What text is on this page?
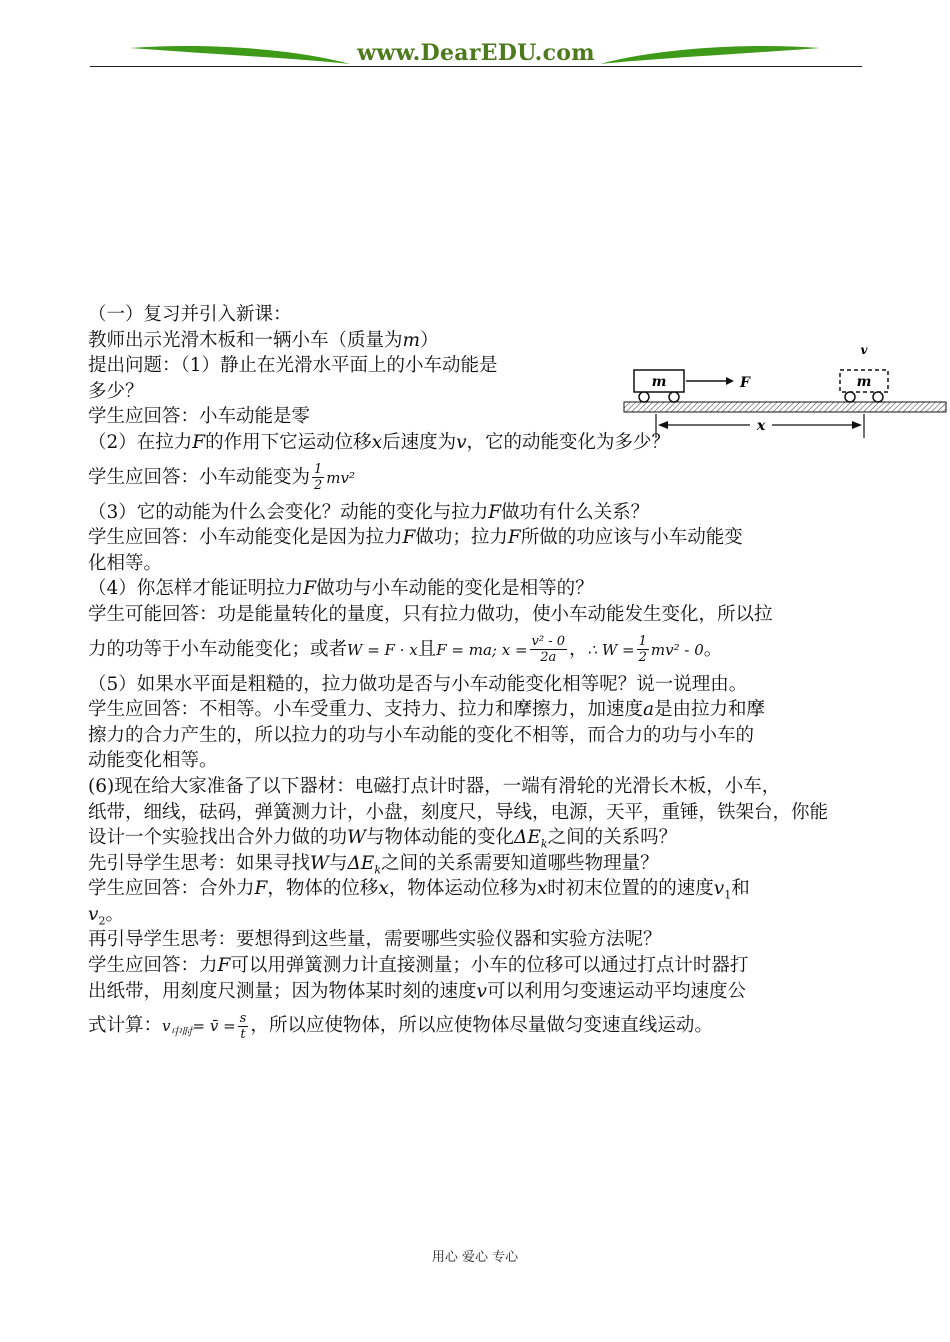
www.DearEDU.com
m	F	m
v
x
（一）复习并引入新课：
教师出示光滑木板和一辆小车（质量为m）
提出问题：（1）静止在光滑水平面上的小车动能是
多少？
学生应回答：小车动能是零
（2）在拉力F的作用下它运动位移x后速度为v，它的动能变化为多少？
学生应回答：小车动能变为 $\frac{1}{2} mv^2$
（3）它的动能为什么会变化？动能的变化与拉力F做功有什么关系？
学生应回答：小车动能变化是因为拉力F做功；拉力F所做的功应该与小车动能变
化相等。
（4）你怎样才能证明拉力F做功与小车动能的变化是相等的？
学生可能回答：功是能量转化的量度，只有拉力做功，使小车动能发生变化，所以拉
力的功等于小车动能变化；或者W = F · x且F = ma; $x = \frac{\text{v² - 0}}{2a}$ ，∴ $W = \frac{1}{2} mv^2 - 0$。
（5）如果水平面是粗糙的，拉力做功是否与小车动能变化相等呢？说一说理由。
学生应回答：不相等。小车受重力、支持力、拉力和摩擦力，加速度a是由拉力和摩
擦力的合力产生的，所以拉力的功与小车动能的变化不相等，而合力的功与小车的
动能变化相等。
(6)现在给大家准备了以下器材：电磁打点计时器，一端有滑轮的光滑长木板，小车，
纸带，细线，砝码，弹簧测力计，小盘，刻度尺，导线，电源，天平，重锤，铁架台，你能
设计一个实验找出合外力做的功W与物体动能的变化$\Delta E_k$之间的关系吗？
先引导学生思考：如果寻找W与$\Delta E_k$之间的关系需要知道哪些物理量？
学生应回答：合外力F，物体的位移x，物体运动位移为x时初末位置的的速度$v_1$和
$v_2$。
再引导学生思考：要想得到这些量，需要哪些实验仪器和实验方法呢？
学生应回答：力F可以用弹簧测力计直接测量；小车的位移可以通过打点计时器打
出纸带，用刻度尺测量；因为物体某时刻的速度v可以利用匀变速运动平均速度公
式计算：$v_{中时}=$ v̄ = $\frac{s}{t}$ ，所以应使物体，所以应使物体尽量做匀变速直线运动。
用心 爱心 专心
